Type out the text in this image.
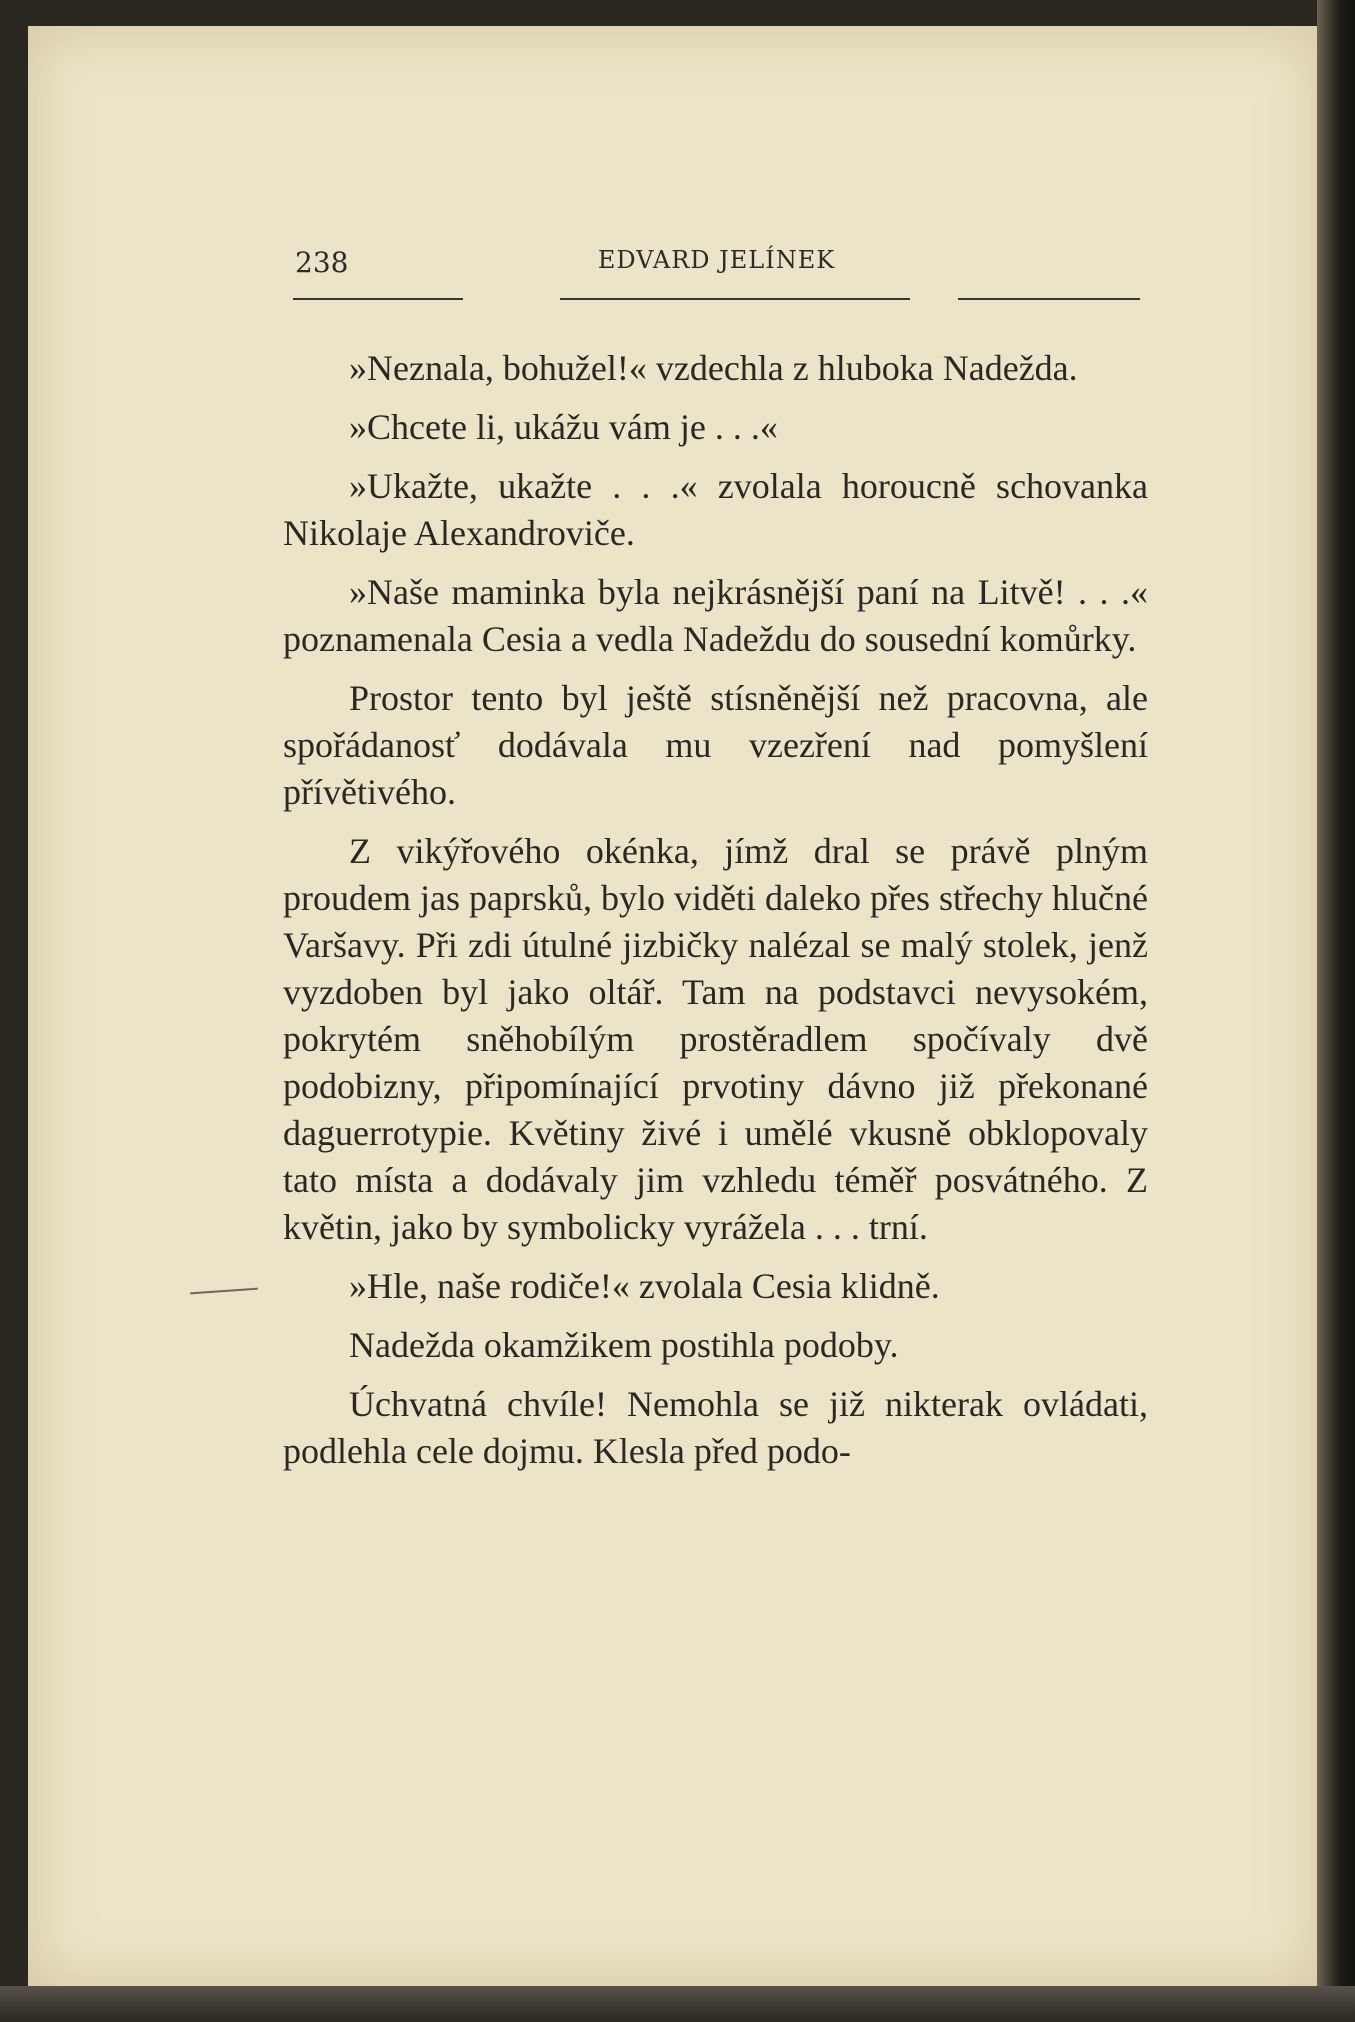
238	EDVARD JELÍNEK

»Neznala, bohužel!« vzdechla z hluboka Nadežda.

»Chcete li, ukážu vám je . . .«

»Ukažte, ukažte . . .« zvolala horoucně schovanka Nikolaje Alexandroviče.

»Naše maminka byla nejkrásnější paní na Litvě! . . .« poznamenala Cesia a vedla Nadeždu do sousední komůrky.

Prostor tento byl ještě stísněnější než pracovna, ale spořádanosť dodávala mu vzezření nad pomyšlení přívětivého.

Z vikýřového okénka, jímž dral se právě plným proudem jas paprsků, bylo viděti daleko přes střechy hlučné Varšavy. Při zdi útulné jizbičky nalézal se malý stolek, jenž vyzdoben byl jako oltář. Tam na podstavci nevysokém, pokrytém sněhobílým prostěradlem spočívaly dvě podobizny, připomínající prvotiny dávno již překonané daguerrotypie. Květiny živé i umělé vkusně obklopovaly tato místa a dodávaly jim vzhledu téměř posvátného. Z květin, jako by symbolicky vyrážela . . . trní.

»Hle, naše rodiče!« zvolala Cesia klidně.

Nadežda okamžikem postihla podoby.

Úchvatná chvíle! Nemohla se již nikterak ovládati, podlehla cele dojmu. Klesla před podo-
